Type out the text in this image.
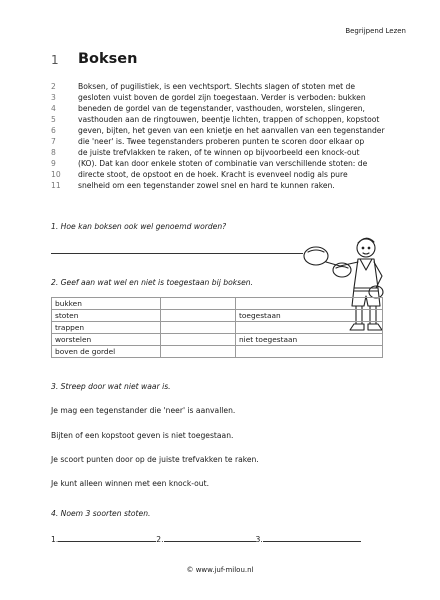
Begrijpend Lezen
1 Boksen
2	Boksen, of pugilistiek, is een vechtsport. Slechts slagen of stoten met de
3	gesloten vuist boven de gordel zijn toegestaan. Verder is verboden: bukken
4	beneden de gordel van de tegenstander, vasthouden, worstelen, slingeren,
5	vasthouden aan de ringtouwen, beentje lichten, trappen of schoppen, kopstoot
6	geven, bijten, het geven van een knietje en het aanvallen van een tegenstander
7	die 'neer' is. Twee tegenstanders proberen punten te scoren door elkaar op
8	de juiste trefvlakken te raken, of te winnen op bijvoorbeeld een knock-out
9	(KO). Dat kan door enkele stoten of combinatie van verschillende stoten: de
10 directe stoot, de opstoot en de hoek. Kracht is evenveel nodig als pure
11 snelheid om een tegenstander zowel snel en hard te kunnen raken.
1. Hoe kan boksen ook wel genoemd worden?
2. Geef aan wat wel en niet is toegestaan bij boksen.
bukken		
stoten		toegestaan
trappen		
worstelen		niet toegestaan
boven de gordel		
3. Streep door wat niet waar is.
Je mag een tegenstander die 'neer' is aanvallen.
Bijten of een kopstoot geven is niet toegestaan.
Je scoort punten door op de juiste trefvakken te raken.
Je kunt alleen winnen met een knock-out.
4. Noem 3 soorten stoten.
1.	2.	3.
© www.juf-milou.nl
